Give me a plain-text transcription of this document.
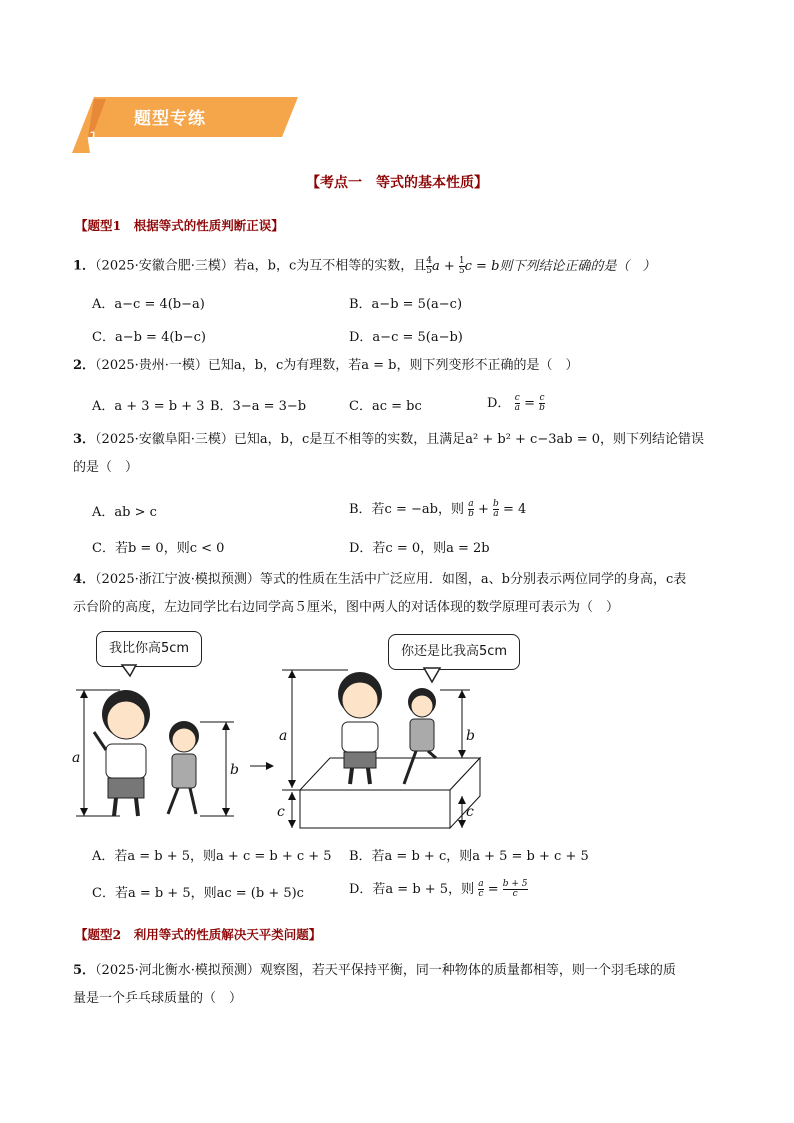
题型专练
1
【考点一　等式的基本性质】
【题型1　根据等式的性质判断正误】
1．（2025·安徽合肥·三模）若a，b，c为互不相等的实数，且 $\frac{4}{5}$ $a + \frac{1}{5}$ c = b则下列结论正确的是（　）
A．a−c = 4(b−a)	B．a−b = 5(a−c)
C．a−b = 4(b−c)	D．a−c = 5(a−b)
2．（2025·贵州·一模）已知a，b，c为有理数，若a = b，则下列变形不正确的是（　）
A．a + 3 = b + 3 B．3−a = 3−b	C．ac = bc	D． $\frac{c}{a} = \frac{c}{b}$
3．（2025·安徽阜阳·三模）已知a，b，c是互不相等的实数，且满足a² + b² + c−3ab = 0，则下列结论错误
的是（　）
A．ab > c	B．若c = −ab，则 $\frac{a}{b} + \frac{b}{a} = 4$
C．若b = 0，则c < 0	D．若c = 0，则a = 2b
4．（2025·浙江宁波·模拟预测）等式的性质在生活中广泛应用．如图，a、b分别表示两位同学的身高，c表
示台阶的高度，左边同学比右边同学高５厘米，图中两人的对话体现的数学原理可表示为（　）
我比你高5cm	你还是比我高5cm
a
b
a	b
c	c
A．若a = b + 5，则a + c = b + c + 5 B．若a = b + c，则a + 5 = b + c + 5
C．若a = b + 5，则ac = (b + 5)c	D．若a = b + 5，则 $\frac{a}{c} = \frac{b + 5}{c}$
【题型2　利用等式的性质解决天平类问题】
5．（2025·河北衡水·模拟预测）观察图，若天平保持平衡，同一种物体的质量都相等，则一个羽毛球的质
量是一个乒乓球质量的（　）
